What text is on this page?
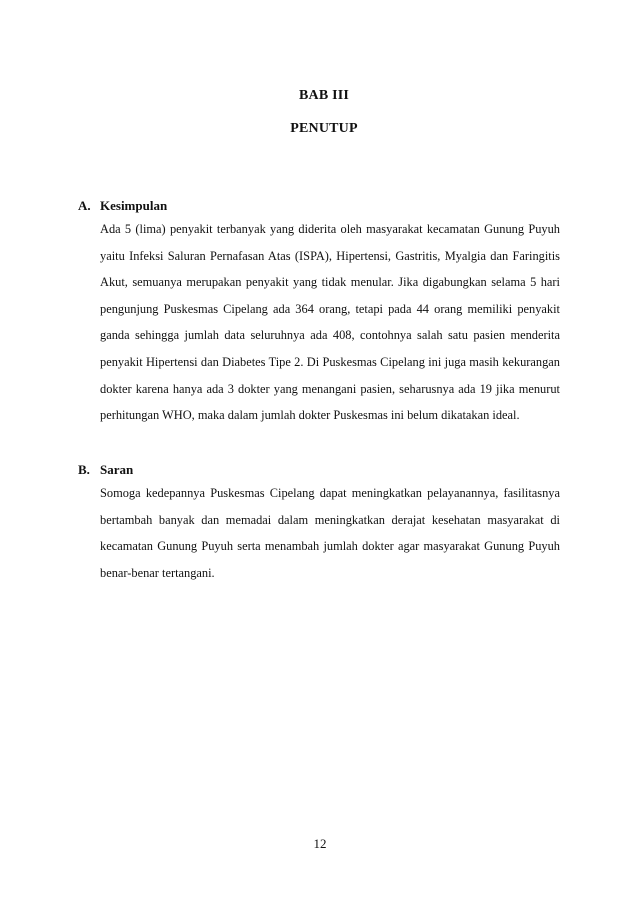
BAB III
PENUTUP
A. Kesimpulan

Ada 5 (lima) penyakit terbanyak yang diderita oleh masyarakat kecamatan Gunung Puyuh yaitu Infeksi Saluran Pernafasan Atas (ISPA), Hipertensi, Gastritis, Myalgia dan Faringitis Akut, semuanya merupakan penyakit yang tidak menular. Jika digabungkan selama 5 hari pengunjung Puskesmas Cipelang ada 364 orang, tetapi pada 44 orang memiliki penyakit ganda sehingga jumlah data seluruhnya ada 408, contohnya salah satu pasien menderita penyakit Hipertensi dan Diabetes Tipe 2. Di Puskesmas Cipelang ini juga masih kekurangan dokter karena hanya ada 3 dokter yang menangani pasien, seharusnya ada 19 jika menurut perhitungan WHO, maka dalam jumlah dokter Puskesmas ini belum dikatakan ideal.

B. Saran

Somoga kedepannya Puskesmas Cipelang dapat meningkatkan pelayanannya, fasilitasnya bertambah banyak dan memadai dalam meningkatkan derajat kesehatan masyarakat di kecamatan Gunung Puyuh serta menambah jumlah dokter agar masyarakat Gunung Puyuh benar-benar tertangani.

12
